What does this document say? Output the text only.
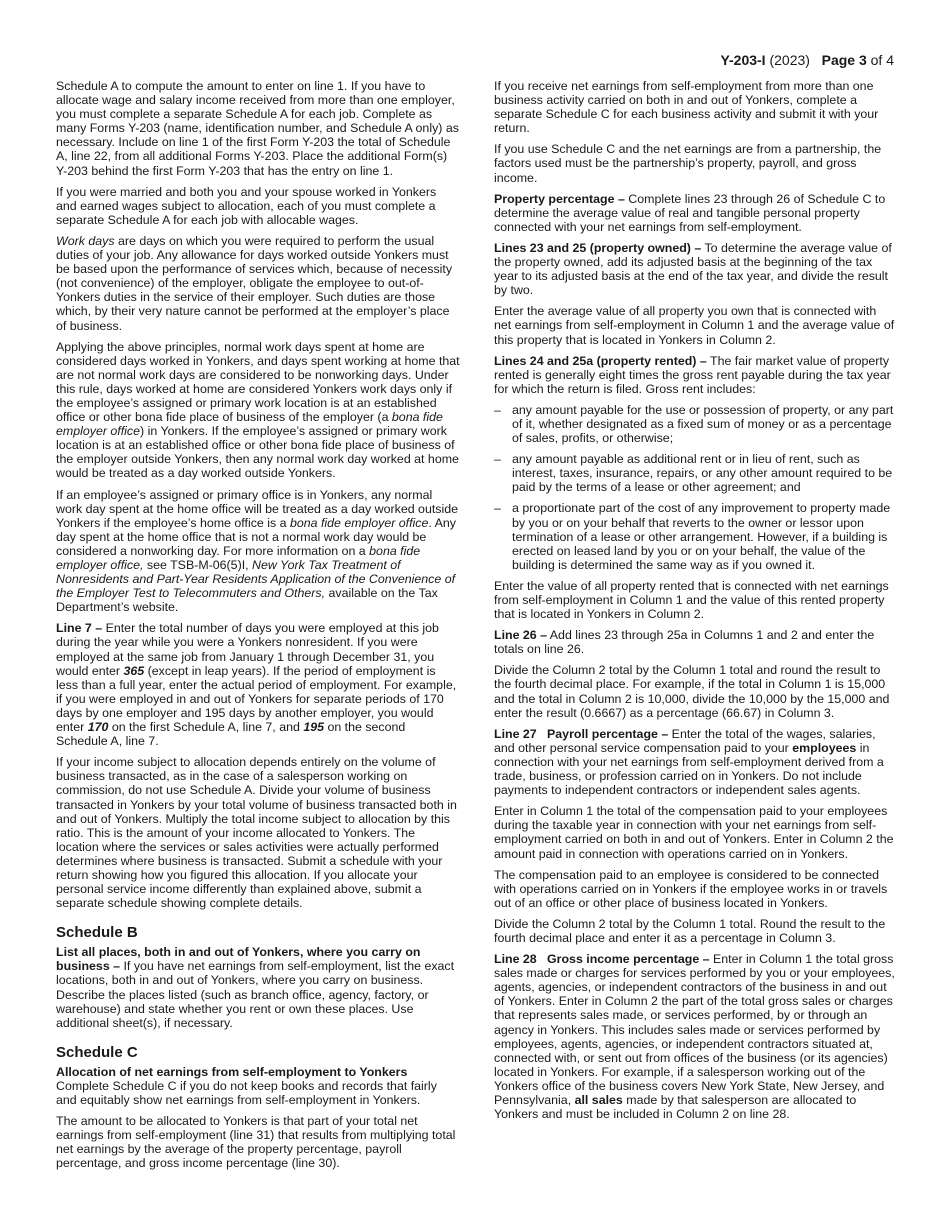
Y-203-I (2023) Page 3 of 4

Schedule A to compute the amount to enter on line 1. If you have to allocate wage and salary income received from more than one employer, you must complete a separate Schedule A for each job. Complete as many Forms Y-203 (name, identification number, and Schedule A only) as necessary. Include on line 1 of the first Form Y-203 the total of Schedule A, line 22, from all additional Forms Y-203. Place the additional Form(s) Y-203 behind the first Form Y-203 that has the entry on line 1.

If you were married and both you and your spouse worked in Yonkers and earned wages subject to allocation, each of you must complete a separate Schedule A for each job with allocable wages.

Work days are days on which you were required to perform the usual duties of your job. Any allowance for days worked outside Yonkers must be based upon the performance of services which, because of necessity (not convenience) of the employer, obligate the employee to out-of-Yonkers duties in the service of their employer. Such duties are those which, by their very nature cannot be performed at the employer’s place of business.

Applying the above principles, normal work days spent at home are considered days worked in Yonkers, and days spent working at home that are not normal work days are considered to be nonworking days. Under this rule, days worked at home are considered Yonkers work days only if the employee’s assigned or primary work location is at an established office or other bona fide place of business of the employer (a bona fide employer office) in Yonkers. If the employee’s assigned or primary work location is at an established office or other bona fide place of business of the employer outside Yonkers, then any normal work day worked at home would be treated as a day worked outside Yonkers.

If an employee’s assigned or primary office is in Yonkers, any normal work day spent at the home office will be treated as a day worked outside Yonkers if the employee’s home office is a bona fide employer office. Any day spent at the home office that is not a normal work day would be considered a nonworking day. For more information on a bona fide employer office, see TSB-M-06(5)I, New York Tax Treatment of Nonresidents and Part-Year Residents Application of the Convenience of the Employer Test to Telecommuters and Others, available on the Tax Department’s website.

Line 7 – Enter the total number of days you were employed at this job during the year while you were a Yonkers nonresident. If you were employed at the same job from January 1 through December 31, you would enter 365 (except in leap years). If the period of employment is less than a full year, enter the actual period of employment. For example, if you were employed in and out of Yonkers for separate periods of 170 days by one employer and 195 days by another employer, you would enter 170 on the first Schedule A, line 7, and 195 on the second Schedule A, line 7.

If your income subject to allocation depends entirely on the volume of business transacted, as in the case of a salesperson working on commission, do not use Schedule A. Divide your volume of business transacted in Yonkers by your total volume of business transacted both in and out of Yonkers. Multiply the total income subject to allocation by this ratio. This is the amount of your income allocated to Yonkers. The location where the services or sales activities were actually performed determines where business is transacted. Submit a schedule with your return showing how you figured this allocation. If you allocate your personal service income differently than explained above, submit a separate schedule showing complete details.

Schedule B

List all places, both in and out of Yonkers, where you carry on business – If you have net earnings from self-employment, list the exact locations, both in and out of Yonkers, where you carry on business. Describe the places listed (such as branch office, agency, factory, or warehouse) and state whether you rent or own these places. Use additional sheet(s), if necessary.

Schedule C

Allocation of net earnings from self-employment to Yonkers
Complete Schedule C if you do not keep books and records that fairly and equitably show net earnings from self-employment in Yonkers.

The amount to be allocated to Yonkers is that part of your total net earnings from self-employment (line 31) that results from multiplying total net earnings by the average of the property percentage, payroll percentage, and gross income percentage (line 30).

If you receive net earnings from self-employment from more than one business activity carried on both in and out of Yonkers, complete a separate Schedule C for each business activity and submit it with your return.

If you use Schedule C and the net earnings are from a partnership, the factors used must be the partnership’s property, payroll, and gross income.

Property percentage – Complete lines 23 through 26 of Schedule C to determine the average value of real and tangible personal property connected with your net earnings from self-employment.

Lines 23 and 25 (property owned) – To determine the average value of the property owned, add its adjusted basis at the beginning of the tax year to its adjusted basis at the end of the tax year, and divide the result by two.

Enter the average value of all property you own that is connected with net earnings from self-employment in Column 1 and the average value of this property that is located in Yonkers in Column 2.

Lines 24 and 25a (property rented) – The fair market value of property rented is generally eight times the gross rent payable during the tax year for which the return is filed. Gross rent includes:

– any amount payable for the use or possession of property, or any part of it, whether designated as a fixed sum of money or as a percentage of sales, profits, or otherwise;
– any amount payable as additional rent or in lieu of rent, such as interest, taxes, insurance, repairs, or any other amount required to be paid by the terms of a lease or other agreement; and
– a proportionate part of the cost of any improvement to property made by you or on your behalf that reverts to the owner or lessor upon termination of a lease or other arrangement. However, if a building is erected on leased land by you or on your behalf, the value of the building is determined the same way as if you owned it.

Enter the value of all property rented that is connected with net earnings from self-employment in Column 1 and the value of this rented property that is located in Yonkers in Column 2.

Line 26 – Add lines 23 through 25a in Columns 1 and 2 and enter the totals on line 26.

Divide the Column 2 total by the Column 1 total and round the result to the fourth decimal place. For example, if the total in Column 1 is 15,000 and the total in Column 2 is 10,000, divide the 10,000 by the 15,000 and enter the result (0.6667) as a percentage (66.67) in Column 3.

Line 27   Payroll percentage – Enter the total of the wages, salaries, and other personal service compensation paid to your employees in connection with your net earnings from self-employment derived from a trade, business, or profession carried on in Yonkers. Do not include payments to independent contractors or independent sales agents.

Enter in Column 1 the total of the compensation paid to your employees during the taxable year in connection with your net earnings from self-employment carried on both in and out of Yonkers. Enter in Column 2 the amount paid in connection with operations carried on in Yonkers.

The compensation paid to an employee is considered to be connected with operations carried on in Yonkers if the employee works in or travels out of an office or other place of business located in Yonkers.

Divide the Column 2 total by the Column 1 total. Round the result to the fourth decimal place and enter it as a percentage in Column 3.

Line 28   Gross income percentage – Enter in Column 1 the total gross sales made or charges for services performed by you or your employees, agents, agencies, or independent contractors of the business in and out of Yonkers. Enter in Column 2 the part of the total gross sales or charges that represents sales made, or services performed, by or through an agency in Yonkers. This includes sales made or services performed by employees, agents, agencies, or independent contractors situated at, connected with, or sent out from offices of the business (or its agencies) located in Yonkers. For example, if a salesperson working out of the Yonkers office of the business covers New York State, New Jersey, and Pennsylvania, all sales made by that salesperson are allocated to Yonkers and must be included in Column 2 on line 28.
